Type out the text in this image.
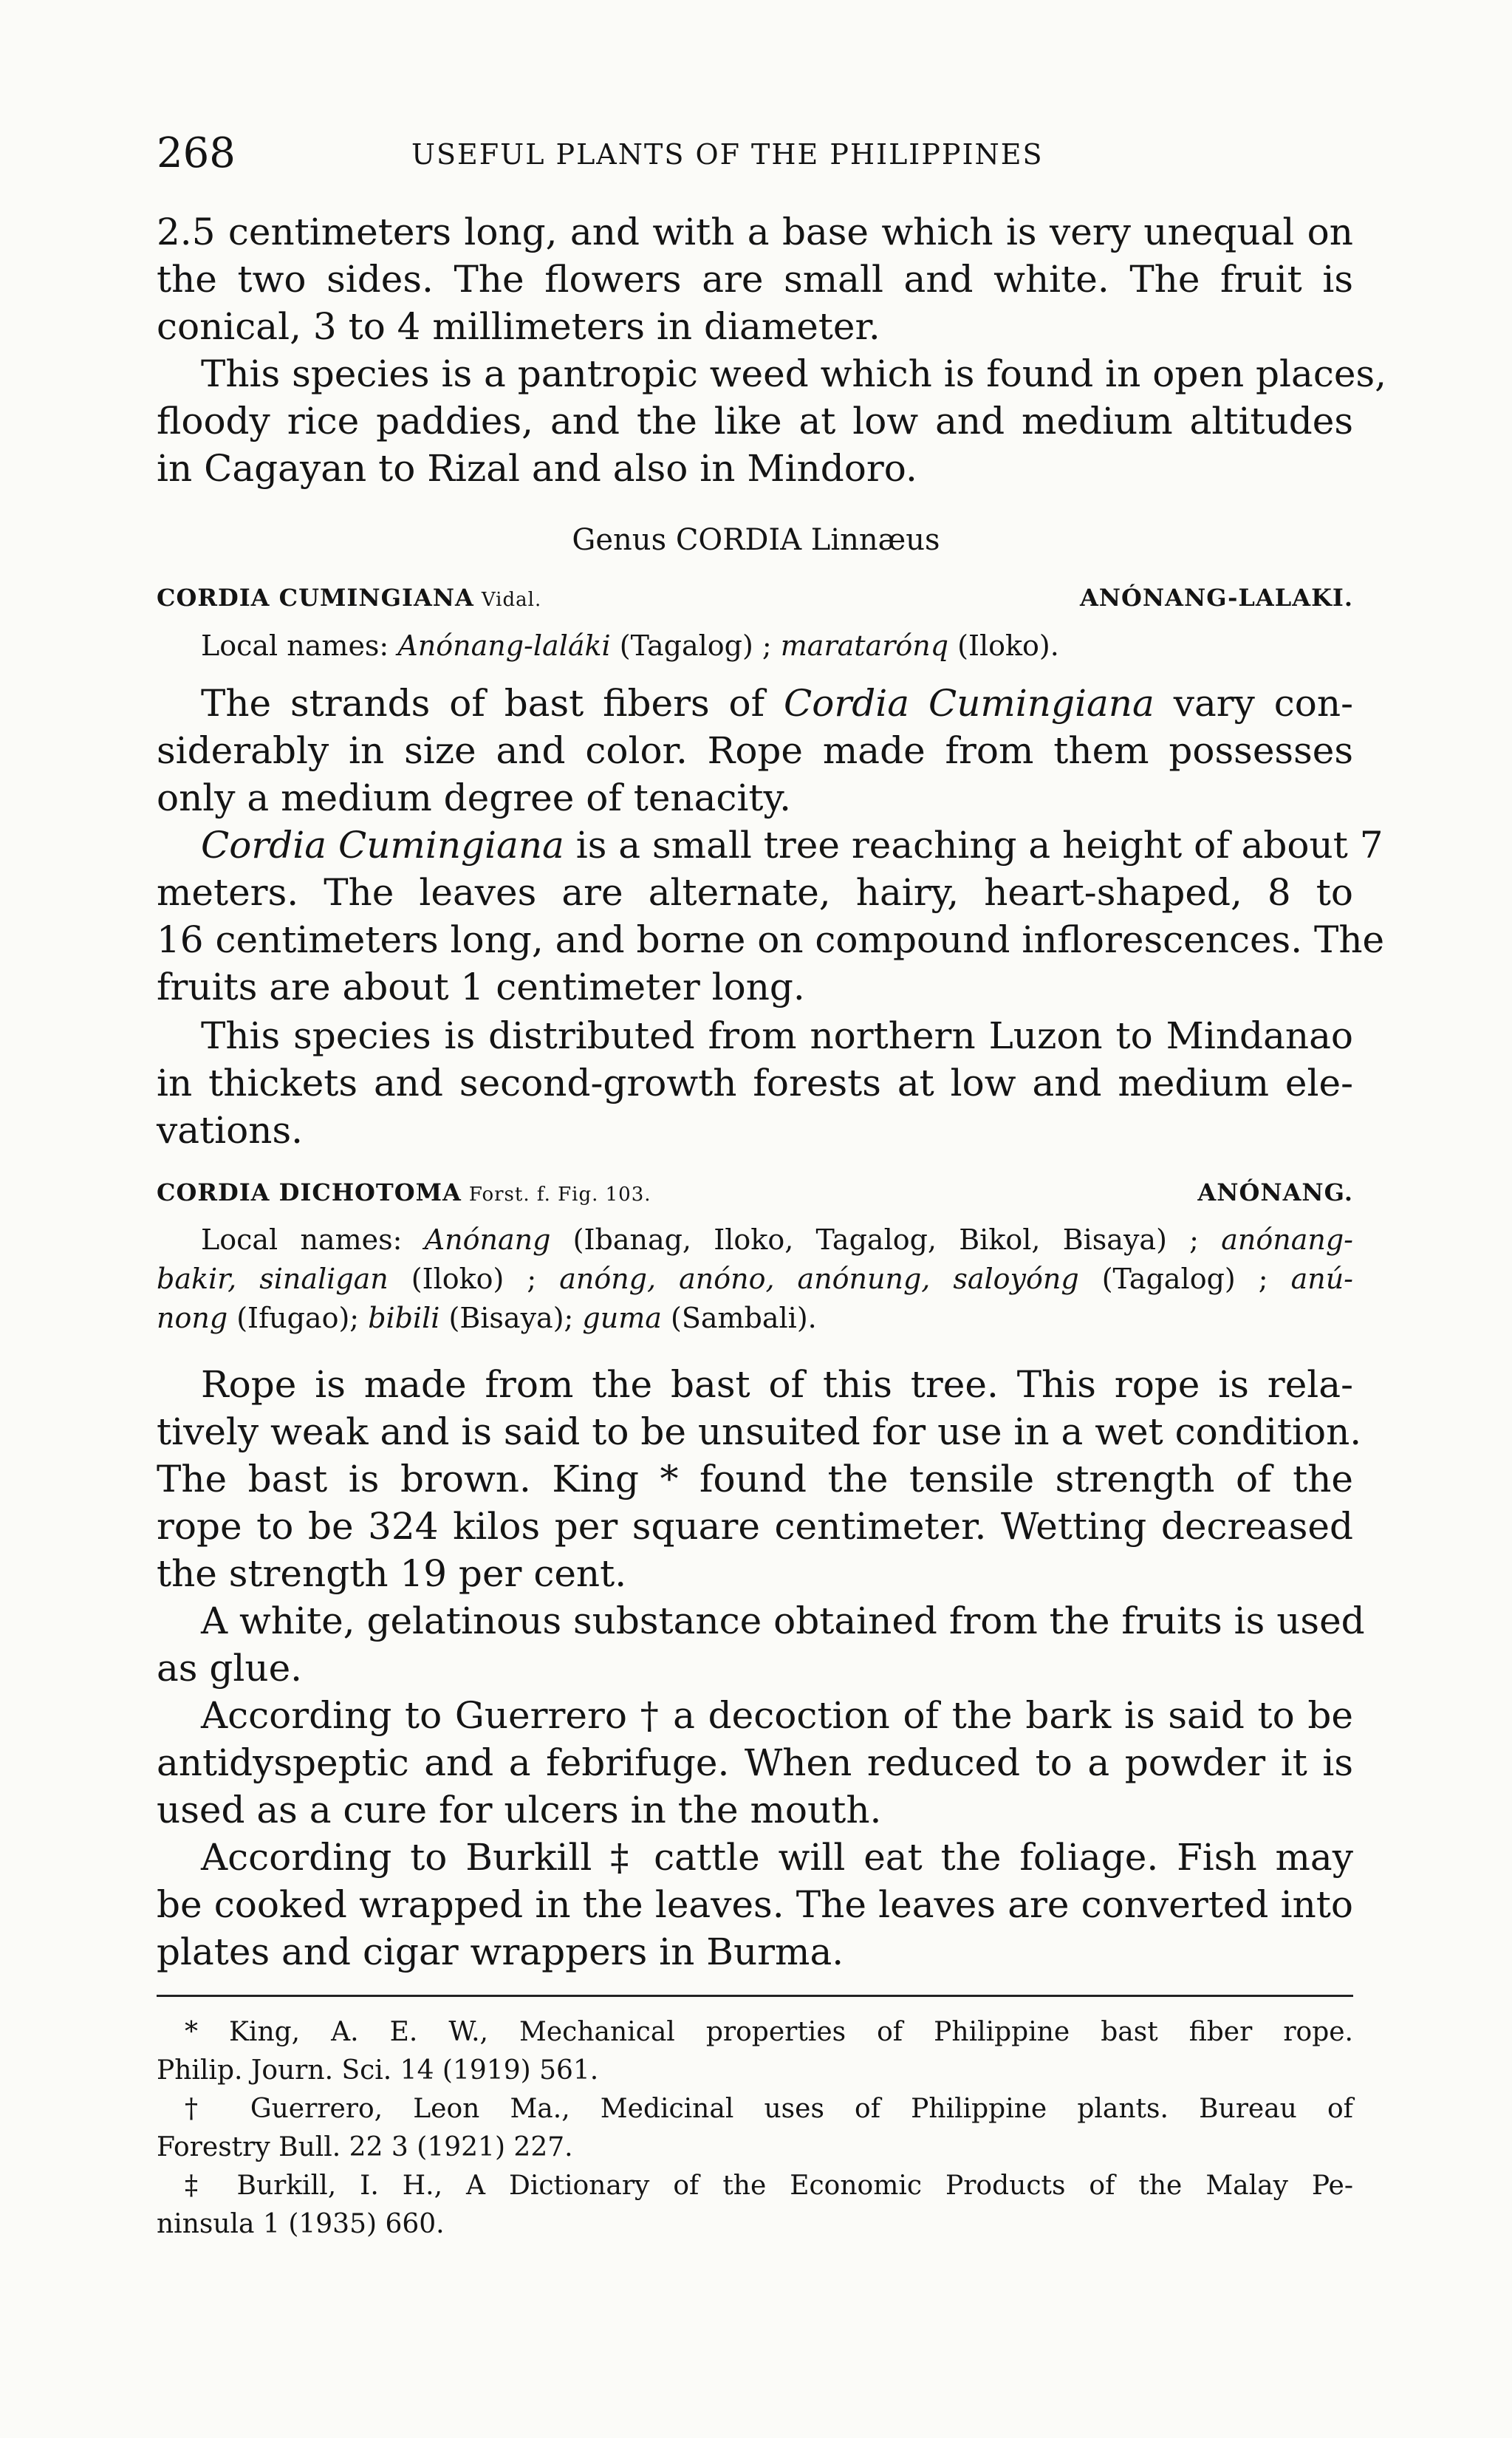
268	USEFUL PLANTS OF THE PHILIPPINES
2.5 centimeters long, and with a base which is very unequal on
the two sides. The flowers are small and white. The fruit is
conical, 3 to 4 millimeters in diameter.
This species is a pantropic weed which is found in open places,
floody rice paddies, and the like at low and medium altitudes
in Cagayan to Rizal and also in Mindoro.
Genus CORDIA Linnæus
CORDIA CUMINGIANA Vidal.	ANÓNANG-LALAKI.
Local names: Anónang-laláki (Tagalog) ; maratarónq (Iloko).
The strands of bast fibers of Cordia Cumingiana vary con-
siderably in size and color. Rope made from them possesses
only a medium degree of tenacity.
Cordia Cumingiana is a small tree reaching a height of about 7
meters. The leaves are alternate, hairy, heart-shaped, 8 to
16 centimeters long, and borne on compound inflorescences. The
fruits are about 1 centimeter long.
This species is distributed from northern Luzon to Mindanao
in thickets and second-growth forests at low and medium ele-
vations.
CORDIA DICHOTOMA Forst. f. Fig. 103.	ANÓNANG.
Local names: Anónang (Ibanag, Iloko, Tagalog, Bikol, Bisaya) ; anónang-
bakir, sinaligan (Iloko) ; anóng, anóno, anónung, saloyóng (Tagalog) ; anú-
nong (Ifugao); bibili (Bisaya); guma (Sambali).
Rope is made from the bast of this tree. This rope is rela-
tively weak and is said to be unsuited for use in a wet condition.
The bast is brown. King * found the tensile strength of the
rope to be 324 kilos per square centimeter. Wetting decreased
the strength 19 per cent.
A white, gelatinous substance obtained from the fruits is used
as glue.
According to Guerrero † a decoction of the bark is said to be
antidyspeptic and a febrifuge. When reduced to a powder it is
used as a cure for ulcers in the mouth.
According to Burkill ‡ cattle will eat the foliage. Fish may
be cooked wrapped in the leaves. The leaves are converted into
plates and cigar wrappers in Burma.
* King, A. E. W., Mechanical properties of Philippine bast fiber rope.
Philip. Journ. Sci. 14 (1919) 561.
† Guerrero, Leon Ma., Medicinal uses of Philippine plants. Bureau of
Forestry Bull. 22 3 (1921) 227.
‡ Burkill, I. H., A Dictionary of the Economic Products of the Malay Pe-
ninsula 1 (1935) 660.
